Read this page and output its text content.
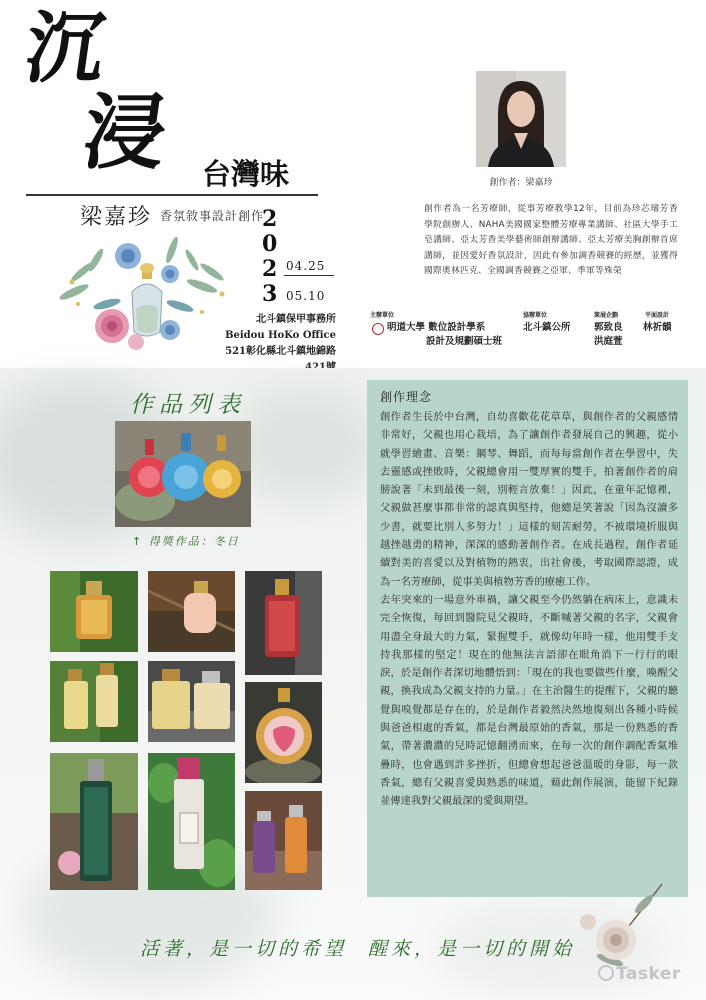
沉
浸 台灣味
梁嘉珍 香氛敘事設計創作
2
0
2
3
04.25
05.10
北斗鎮保甲事務所
Beidou HoKo Office
521彰化縣北斗鎮地錦路
創作者：梁嘉珍
創作者為一名芳療師，從事芳療教學12年，目前為珍芯璿芳香學院創辦人、NAHA美國國家整體芳療專業講師、社區大學手工皂講師、亞太芳香美學藝術師創辦講師、亞太芳療美胸創辦首席講師，並因愛好香氛設計，因此有參加調香競賽的經歷，並獲得國際奧林匹克、全國調香競賽之亞軍、季軍等殊榮
主辦單位
明道大學 數位設計學系
設計及規劃碩士班
協辦單位
北斗鎮公所
策展企劃
郭致良
洪庭萱
平面設計
林祈韻
作品列表
↑ 得獎作品：冬日
創作理念

創作者生長於中台灣，自幼喜歡花花草草，與創作者的父親感情非常好，父親也用心栽培，為了讓創作者發展自己的興趣，從小就學習繪畫、音樂：鋼琴、舞蹈，而每每當創作者在學習中，失去靈感或挫敗時，父親總會用一雙厚實的雙手，拍著創作者的肩膀說著「未到最後一刻，別輕言放棄！」因此，在童年記憶裡，父親做甚麼事都非常的認真與堅持，他總是笑著說「因為沒讀多少書，就要比別人多努力！」這樣的刻苦耐勞，不被環境折服與越挫越勇的精神，深深的感動著創作者。在成長過程，創作者延續對美的喜愛以及對植物的熱衷，出社會後，考取國際認證，成為一名芳療師，從事美與植物芳香的療癒工作。

去年突來的一場意外車禍，讓父親至今仍然躺在病床上，意識未完全恢復，每回到醫院見父親時，不斷喊著父親的名字，父親會用盡全身最大的力氣，緊握雙手，就像幼年時一樣，他用雙手支持我那樣的堅定！現在的他無法言語卻在眼角消下一行行的眼淚，於是創作者深切地體悟到：「現在的我也要做些什麼，喚醒父親，換我成為父親支持的力量。」在主治醫生的提醒下，父親的聽覺與嗅覺都是存在的，於是創作者毅然決然地復刻出各種小時候與爸爸相處的香氣，都是台灣最原始的香氣，那是一份熟悉的香氣，帶著濃濃的兒時記憶翻湧而來，在每一次的創作調配香氣堆疊時，也會遇到許多挫折，但總會想起爸爸溫暖的身影，每一款香氣，總有父親喜愛與熟悉的味道，藉此創作展演，能留下紀錄並傳達我對父親最深的愛與期望。

活著，是一切的希望 醒來，是一切的開始
Tasker
